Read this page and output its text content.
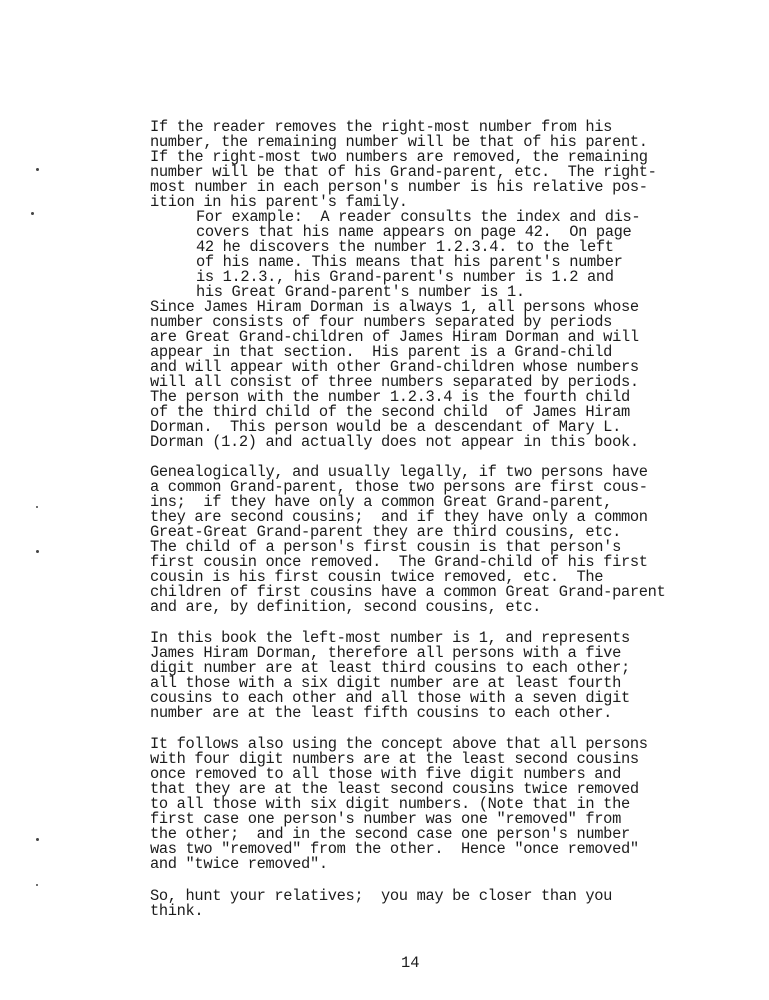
If the reader removes the right-most number from his

number, the remaining number will be that of his parent.

If the right-most two numbers are removed, the remaining

number will be that of his Grand-parent, etc.  The right-

most number in each person's number is his relative pos-

ition in his parent's family.

For example:  A reader consults the index and dis-

covers that his name appears on page 42.  On page

42 he discovers the number 1.2.3.4. to the left

of his name. This means that his parent's number

is 1.2.3., his Grand-parent's number is 1.2 and

his Great Grand-parent's number is 1.

Since James Hiram Dorman is always 1, all persons whose

number consists of four numbers separated by periods

are Great Grand-children of James Hiram Dorman and will

appear in that section.  His parent is a Grand-child

and will appear with other Grand-children whose numbers

will all consist of three numbers separated by periods.

The person with the number 1.2.3.4 is the fourth child

of the third child of the second child  of James Hiram

Dorman.  This person would be a descendant of Mary L.

Dorman (1.2) and actually does not appear in this book.

Genealogically, and usually legally, if two persons have

a common Grand-parent, those two persons are first cous-

ins;  if they have only a common Great Grand-parent,

they are second cousins;  and if they have only a common

Great-Great Grand-parent they are third cousins, etc.

The child of a person's first cousin is that person's

first cousin once removed.  The Grand-child of his first

cousin is his first cousin twice removed, etc.  The

children of first cousins have a common Great Grand-parent

and are, by definition, second cousins, etc.

In this book the left-most number is 1, and represents

James Hiram Dorman, therefore all persons with a five

digit number are at least third cousins to each other;

all those with a six digit number are at least fourth

cousins to each other and all those with a seven digit

number are at the least fifth cousins to each other.

It follows also using the concept above that all persons

with four digit numbers are at the least second cousins

once removed to all those with five digit numbers and

that they are at the least second cousins twice removed

to all those with six digit numbers. (Note that in the

first case one person's number was one "removed" from

the other;  and in the second case one person's number

was two "removed" from the other.  Hence "once removed"

and "twice removed".

So, hunt your relatives;  you may be closer than you

think.

14
